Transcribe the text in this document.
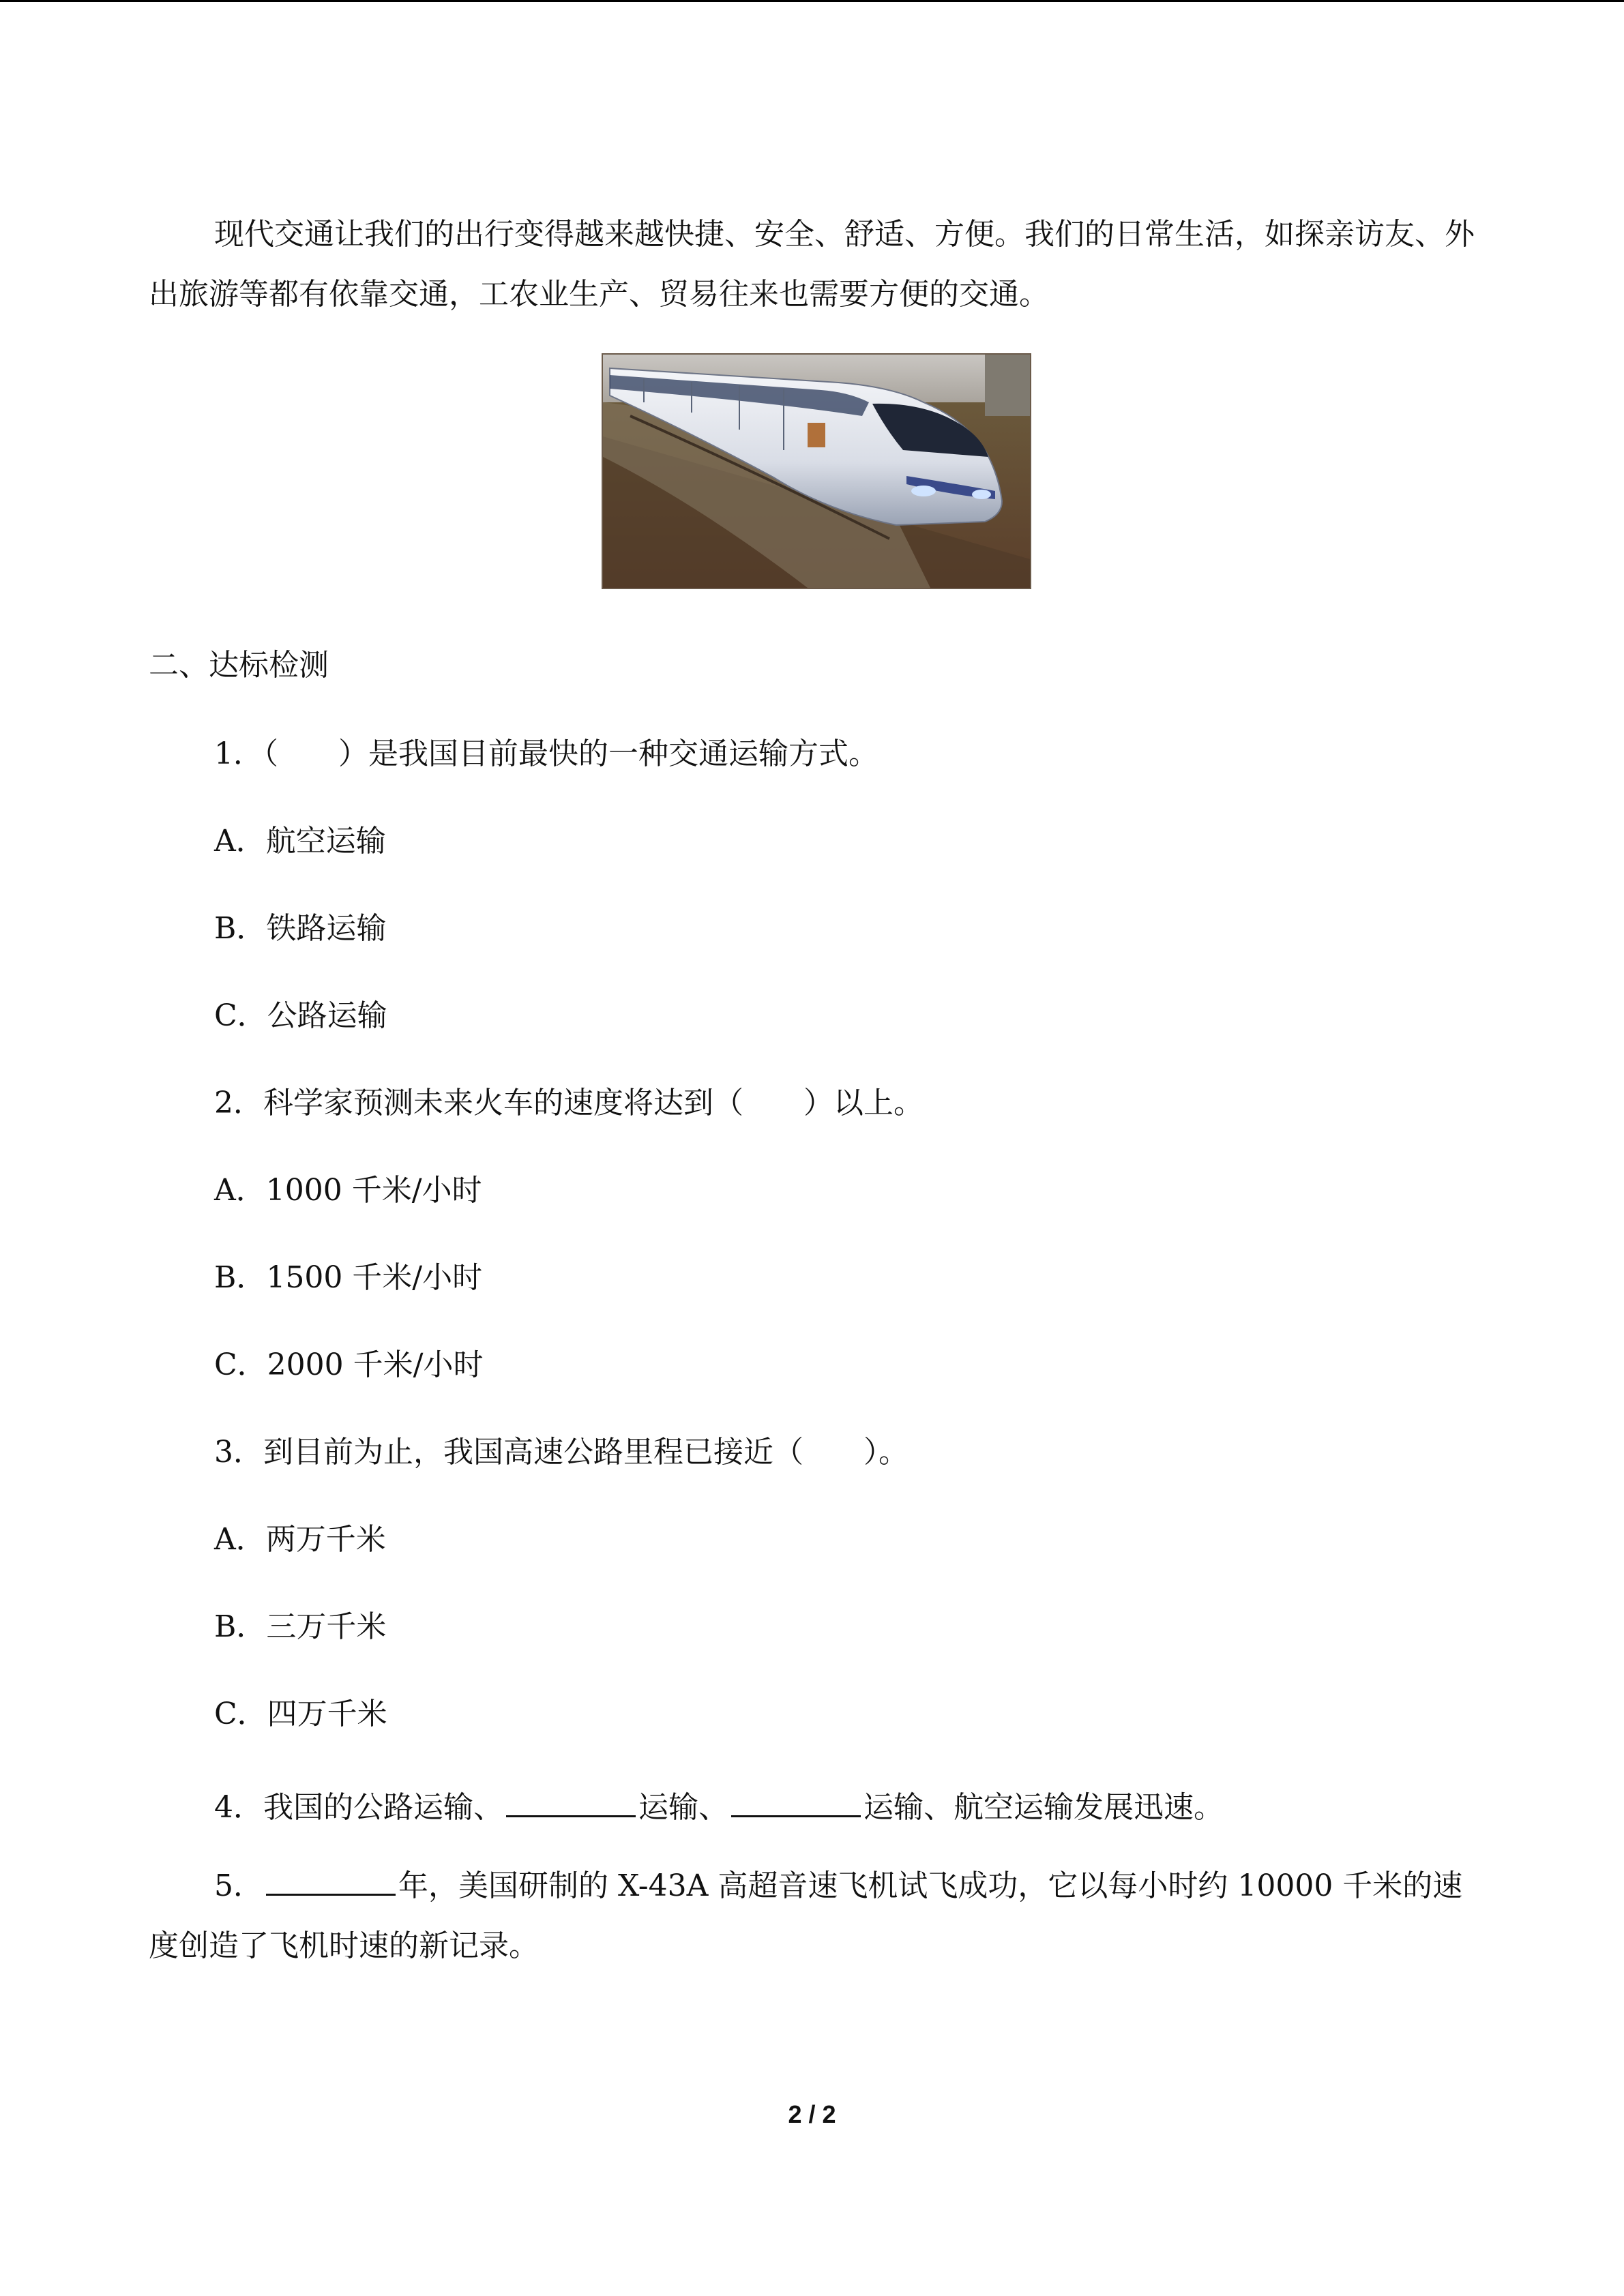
现代交通让我们的出行变得越来越快捷、安全、舒适、方便。我们的日常生活，如探亲访友、外出旅游等都有依靠交通，工农业生产、贸易往来也需要方便的交通。

二、达标检测
1．（　　）是我国目前最快的一种交通运输方式。
A．航空运输
B．铁路运输
C．公路运输
2．科学家预测未来火车的速度将达到（　　）以上。
A．1000 千米/小时
B．1500 千米/小时
C．2000 千米/小时
3．到目前为止，我国高速公路里程已接近（　　）。
A．两万千米
B．三万千米
C．四万千米
4．我国的公路运输、	运输、	运输、航空运输发展迅速。

5．	年，美国研制的 X-43A 高超音速飞机试飞成功，它以每小时约 10000 千米的速度创造了飞机时速的新记录。

2 / 2
